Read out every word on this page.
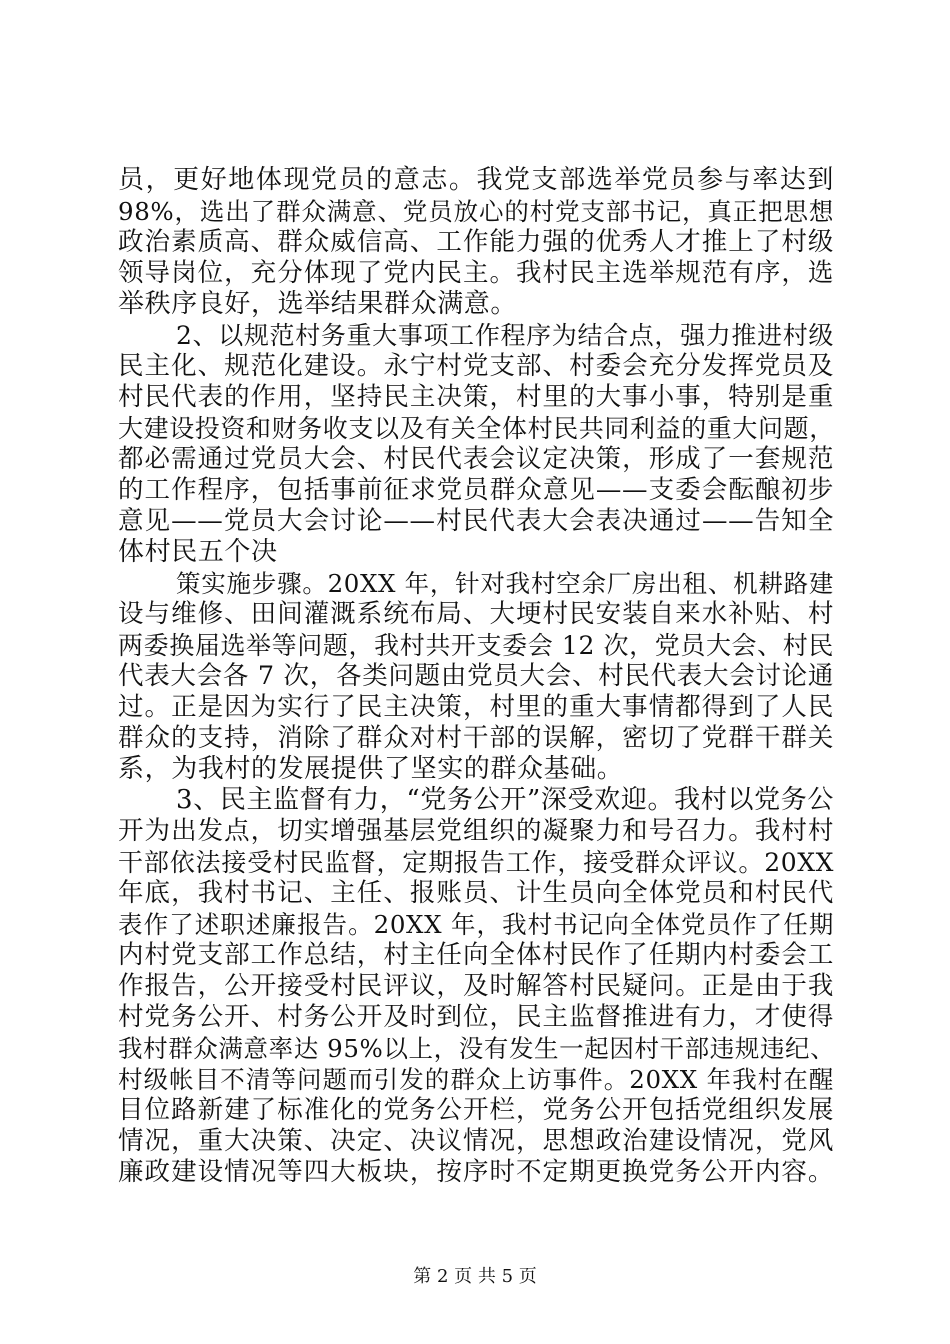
员，更好地体现党员的意志。我党支部选举党员参与率达到
98%，选出了群众满意、党员放心的村党支部书记，真正把思想
政治素质高、群众威信高、工作能力强的优秀人才推上了村级
领导岗位，充分体现了党内民主。我村民主选举规范有序，选
举秩序良好，选举结果群众满意。
2、以规范村务重大事项工作程序为结合点，强力推进村级
民主化、规范化建设。永宁村党支部、村委会充分发挥党员及
村民代表的作用，坚持民主决策，村里的大事小事，特别是重
大建设投资和财务收支以及有关全体村民共同利益的重大问题，
都必需通过党员大会、村民代表会议定决策，形成了一套规范
的工作程序，包括事前征求党员群众意见——支委会酝酿初步
意见——党员大会讨论——村民代表大会表决通过——告知全
体村民五个决
策实施步骤。20XX 年，针对我村空余厂房出租、机耕路建
设与维修、田间灌溉系统布局、大埂村民安装自来水补贴、村
两委换届选举等问题，我村共开支委会 12 次，党员大会、村民
代表大会各 7 次，各类问题由党员大会、村民代表大会讨论通
过。正是因为实行了民主决策，村里的重大事情都得到了人民
群众的支持，消除了群众对村干部的误解，密切了党群干群关
系，为我村的发展提供了坚实的群众基础。
3、民主监督有力，“党务公开”深受欢迎。我村以党务公
开为出发点，切实增强基层党组织的凝聚力和号召力。我村村
干部依法接受村民监督，定期报告工作，接受群众评议。20XX
年底，我村书记、主任、报账员、计生员向全体党员和村民代
表作了述职述廉报告。20XX 年，我村书记向全体党员作了任期
内村党支部工作总结，村主任向全体村民作了任期内村委会工
作报告，公开接受村民评议，及时解答村民疑问。正是由于我
村党务公开、村务公开及时到位，民主监督推进有力，才使得
我村群众满意率达 95%以上，没有发生一起因村干部违规违纪、
村级帐目不清等问题而引发的群众上访事件。20XX 年我村在醒
目位路新建了标准化的党务公开栏，党务公开包括党组织发展
情况，重大决策、决定、决议情况，思想政治建设情况，党风
廉政建设情况等四大板块，按序时不定期更换党务公开内容。
第 2 页 共 5 页
